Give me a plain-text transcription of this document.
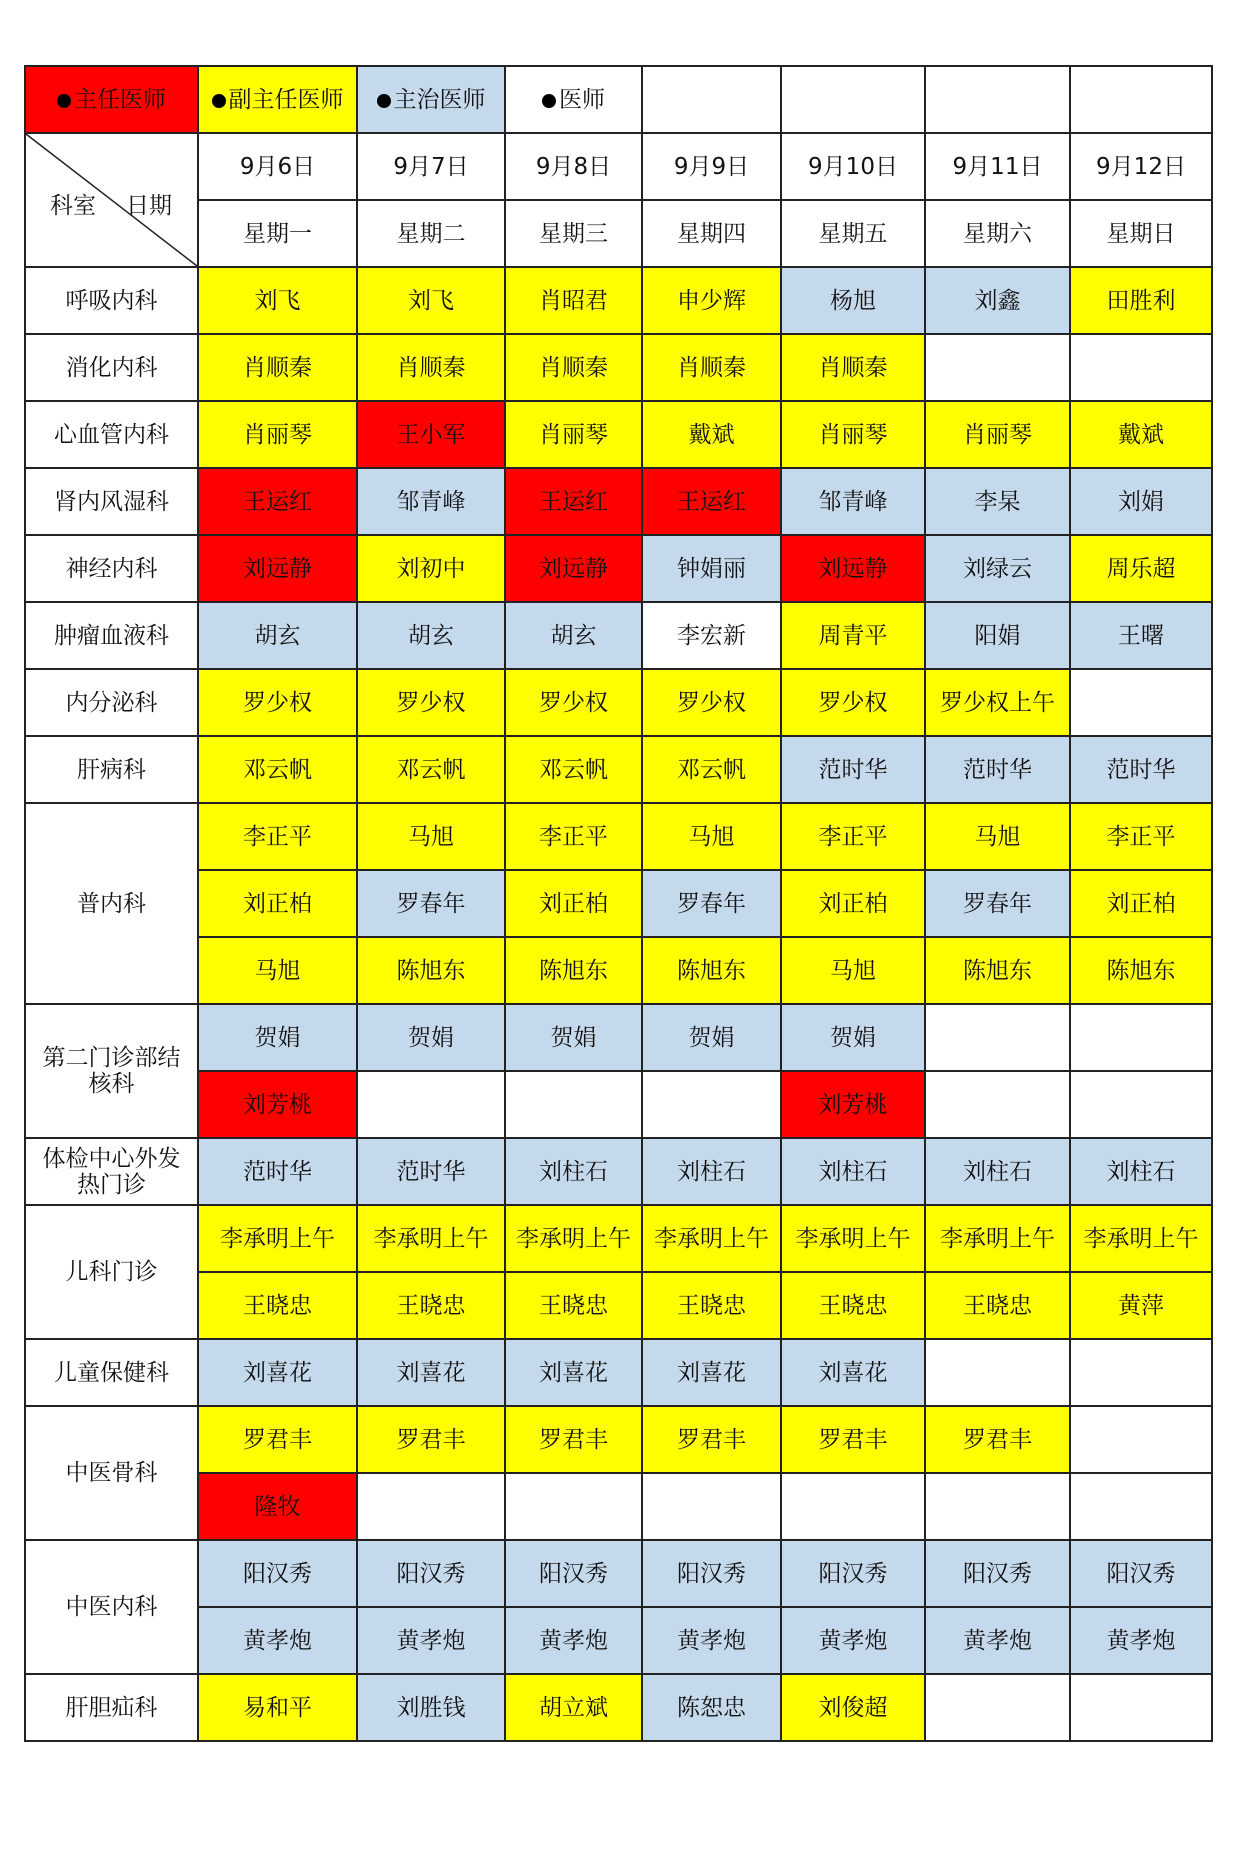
主任医师	副主任医师	主治医师	医师				

科室 日期	9月6日	9月7日	9月8日	9月9日	9月10日	9月11日	9月12日
	星期一	星期二	星期三	星期四	星期五	星期六	星期日
呼吸内科	刘飞	刘飞	肖昭君	申少辉	杨旭	刘鑫	田胜利
消化内科	肖顺秦	肖顺秦	肖顺秦	肖顺秦	肖顺秦		
心血管内科	肖丽琴	王小军	肖丽琴	戴斌	肖丽琴	肖丽琴	戴斌
肾内风湿科	王运红	邹青峰	王运红	王运红	邹青峰	李杲	刘娟
神经内科	刘远静	刘初中	刘远静	钟娟丽	刘远静	刘绿云	周乐超
肿瘤血液科	胡玄	胡玄	胡玄	李宏新	周青平	阳娟	王曙
内分泌科	罗少权	罗少权	罗少权	罗少权	罗少权	罗少权上午	
肝病科	邓云帆	邓云帆	邓云帆	邓云帆	范时华	范时华	范时华
普内科	李正平	马旭	李正平	马旭	李正平	马旭	李正平
	刘正柏	罗春年	刘正柏	罗春年	刘正柏	罗春年	刘正柏
	马旭	陈旭东	陈旭东	陈旭东	马旭	陈旭东	陈旭东
第二门诊部结核科	贺娟	贺娟	贺娟	贺娟	贺娟		
	刘芳桃				刘芳桃		
体检中心外发热门诊	范时华	范时华	刘柱石	刘柱石	刘柱石	刘柱石	刘柱石
儿科门诊	李承明上午	李承明上午	李承明上午	李承明上午	李承明上午	李承明上午	李承明上午
	王晓忠	王晓忠	王晓忠	王晓忠	王晓忠	王晓忠	黄萍
儿童保健科	刘喜花	刘喜花	刘喜花	刘喜花	刘喜花		
中医骨科	罗君丰	罗君丰	罗君丰	罗君丰	罗君丰	罗君丰	
	隆牧						
中医内科	阳汉秀	阳汉秀	阳汉秀	阳汉秀	阳汉秀	阳汉秀	阳汉秀
	黄孝炮	黄孝炮	黄孝炮	黄孝炮	黄孝炮	黄孝炮	黄孝炮
肝胆疝科	易和平	刘胜钱	胡立斌	陈恕忠	刘俊超		
